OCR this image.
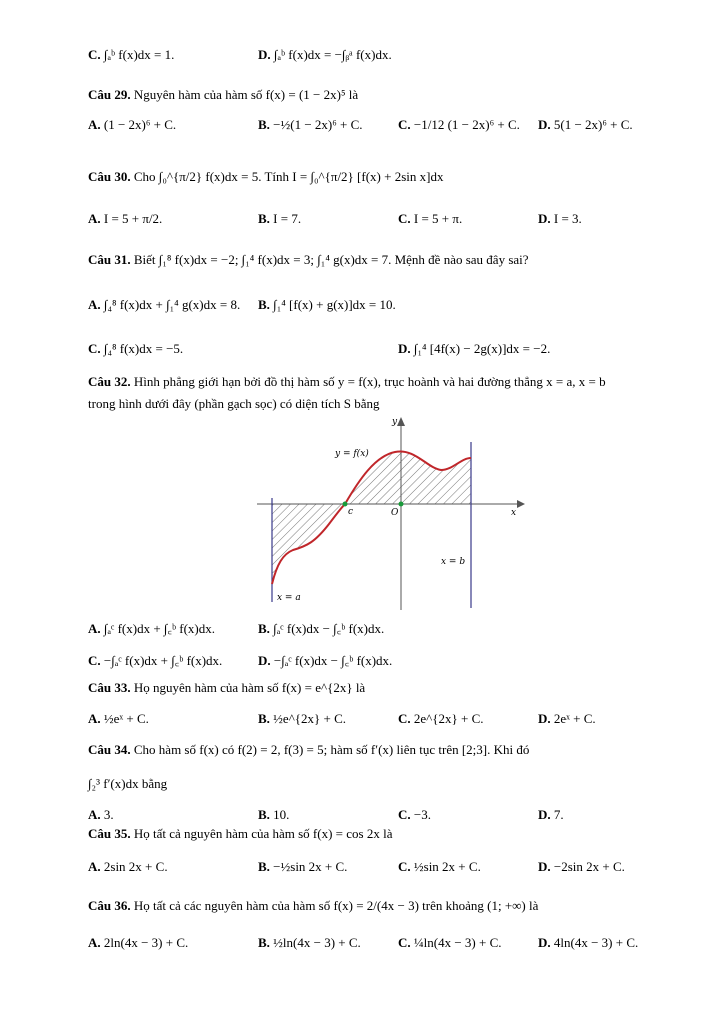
C. ∫ₐᵇ f(x)dx = 1.	D. ∫ₐᵇ f(x)dx = −∫ᵦᵃ f(x)dx.
Câu 29. Nguyên hàm của hàm số f(x) = (1 − 2x)⁵ là
A. (1 − 2x)⁶ + C.	B. −½(1 − 2x)⁶ + C.	C. −1/12 (1 − 2x)⁶ + C. D. 5(1 − 2x)⁶ + C.
Câu 30. Cho ∫₀^{π/2} f(x)dx = 5. Tính I = ∫₀^{π/2} [f(x) + 2sin x]dx
A. I = 5 + π/2.	B. I = 7.	C. I = 5 + π.	D. I = 3.
Câu 31. Biết ∫₁⁸ f(x)dx = −2; ∫₁⁴ f(x)dx = 3; ∫₁⁴ g(x)dx = 7. Mệnh đề nào sau đây sai?
A. ∫₄⁸ f(x)dx + ∫₁⁴ g(x)dx = 8. B. ∫₁⁴ [f(x) + g(x)]dx = 10.
C. ∫₄⁸ f(x)dx = −5.	D. ∫₁⁴ [4f(x) − 2g(x)]dx = −2.
Câu 32. Hình phẳng giới hạn bởi đồ thị hàm số y = f(x), trục hoành và hai đường thẳng x = a, x = b
trong hình dưới đây (phần gạch sọc) có diện tích S bằng
A. ∫ₐᶜ f(x)dx + ∫꜀ᵇ f(x)dx.	B. ∫ₐᶜ f(x)dx − ∫꜀ᵇ f(x)dx.
C. −∫ₐᶜ f(x)dx + ∫꜀ᵇ f(x)dx.	D. −∫ₐᶜ f(x)dx − ∫꜀ᵇ f(x)dx.
Câu 33. Họ nguyên hàm của hàm số f(x) = e^{2x} là
A. ½eˣ + C.	B. ½e^{2x} + C.	C. 2e^{2x} + C.	D. 2eˣ + C.
Câu 34. Cho hàm số f(x) có f(2) = 2, f(3) = 5; hàm số f′(x) liên tục trên [2;3]. Khi đó
∫₂³ f′(x)dx bằng
A. 3.	B. 10.	C. −3.	D. 7.
Câu 35. Họ tất cả nguyên hàm của hàm số f(x) = cos 2x là
A. 2sin 2x + C.	B. −½sin 2x + C.	C. ½sin 2x + C.	D. −2sin 2x + C.
Câu 36. Họ tất cả các nguyên hàm của hàm số f(x) = 2/(4x − 3) trên khoảng (1; +∞) là
A. 2ln(4x − 3) + C.	B. ½ln(4x − 3) + C.	C. ¼ln(4x − 3) + C.	D. 4ln(4x − 3) + C.
y
x
y = f(x)
c	O
x = b
x = a
